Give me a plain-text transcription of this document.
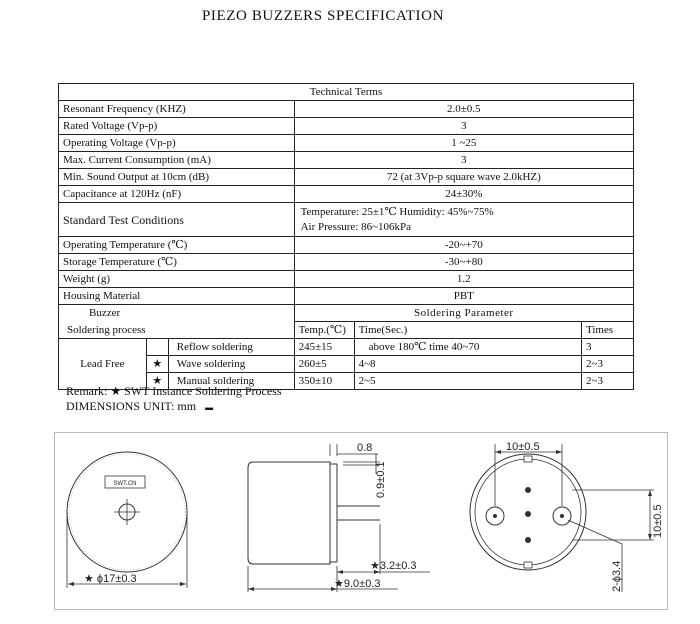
PIEZO BUZZERS SPECIFICATION
Technical Terms					
Resonant Frequency (KHZ)			2.0±0.5		
Rated Voltage (Vp-p)			3		
Operating Voltage (Vp-p)			1 ~25		
Max. Current Consumption (mA)			3		
Min. Sound Output at 10cm (dB)			72 (at 3Vp-p square wave 2.0kHZ)		
Capacitance at 120Hz (nF)			24±30%		
Standard Test Conditions			Temperature: 25±1℃ Humidity: 45%~75%
Air Pressure: 86~106kPa		

Operating Temperature (℃)			-20~+70		
Storage Temperature (℃)			-30~+80		
Weight (g)			1.2		
Housing Material			PBT		
Buzzer			Soldering Parameter		
Soldering process			Temp.(℃)	Time(Sec.)	Times
Lead Free		Reflow soldering	245±15	above 180℃ time 40~70	3
	★	Wave soldering	260±5	4~8	2~3
	★	Manual soldering	350±10	2~5	2~3
Remark: ★ SWT Instance Soldering Process
DIMENSIONS UNIT: mm ▬
SWT.CN
★ ϕ17±0.3
0.8
0.9±0.1
★3.2±0.3
★9.0±0.3
10±0.5
10±0.5
2-ϕ3.4
